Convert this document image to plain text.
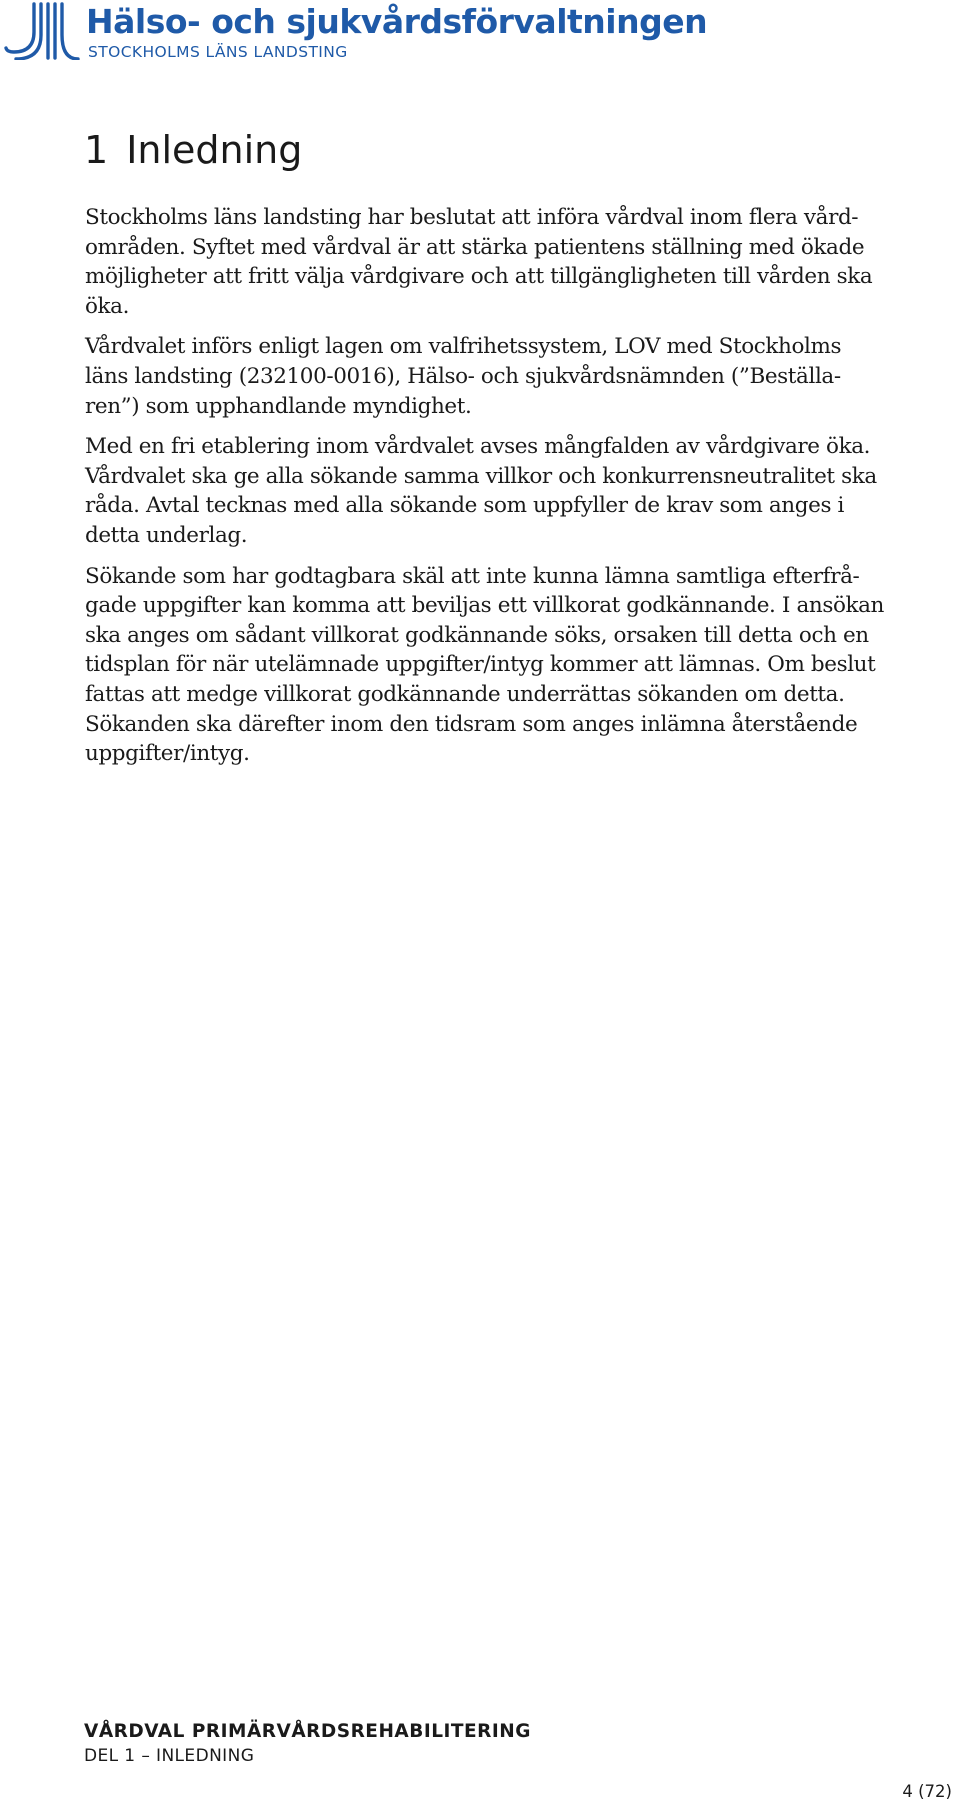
Hälso- och sjukvårdsförvaltningen
STOCKHOLMS LÄNS LANDSTING
1 Inledning

Stockholms läns landsting har beslutat att införa vårdval inom flera vård-
områden. Syftet med vårdval är att stärka patientens ställning med ökade
möjligheter att fritt välja vårdgivare och att tillgängligheten till vården ska
öka.

Vårdvalet införs enligt lagen om valfrihetssystem, LOV med Stockholms
läns landsting (232100-0016), Hälso- och sjukvårdsnämnden (”Beställa-
ren”) som upphandlande myndighet.

Med en fri etablering inom vårdvalet avses mångfalden av vårdgivare öka.
Vårdvalet ska ge alla sökande samma villkor och konkurrensneutralitet ska
råda. Avtal tecknas med alla sökande som uppfyller de krav som anges i
detta underlag.

Sökande som har godtagbara skäl att inte kunna lämna samtliga efterfrå-
gade uppgifter kan komma att beviljas ett villkorat godkännande. I ansökan
ska anges om sådant villkorat godkännande söks, orsaken till detta och en
tidsplan för när utelämnade uppgifter/intyg kommer att lämnas. Om beslut
fattas att medge villkorat godkännande underrättas sökanden om detta.
Sökanden ska därefter inom den tidsram som anges inlämna återstående
uppgifter/intyg.

VÅRDVAL PRIMÄRVÅRDSREHABILITERING
DEL 1 – INLEDNING
4 (72)
